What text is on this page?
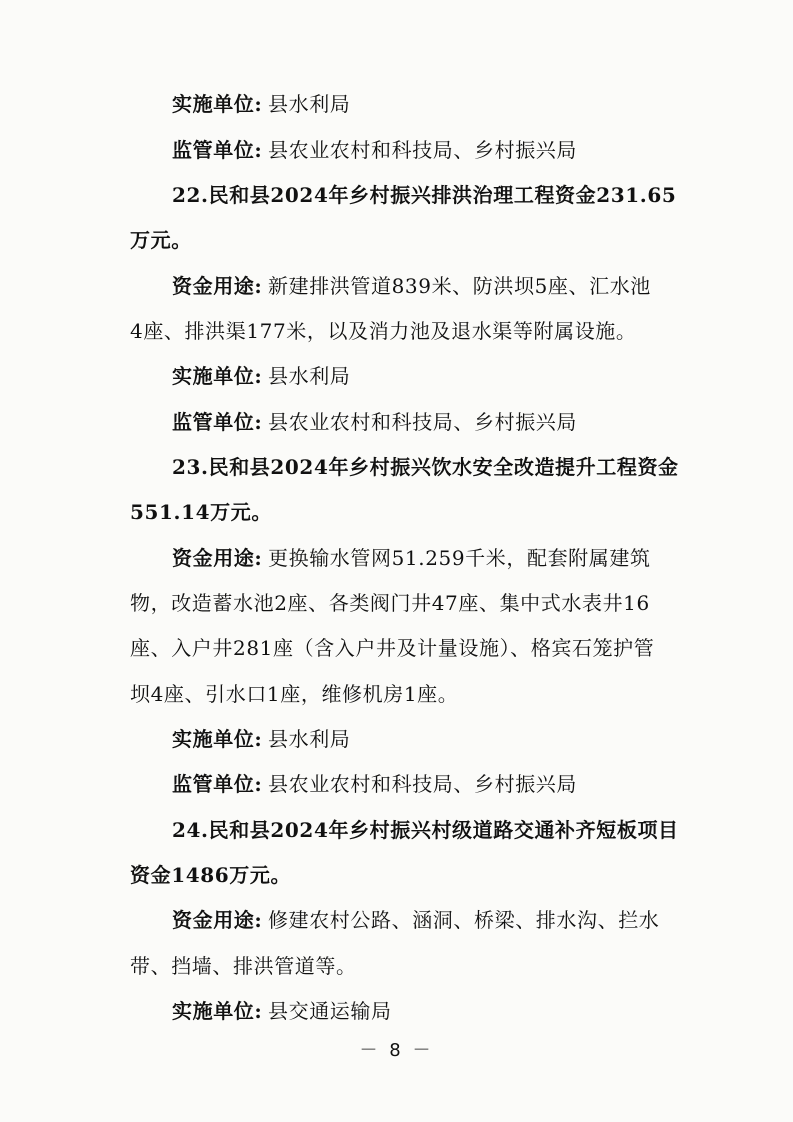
实施单位: 县水利局
监管单位: 县农业农村和科技局、乡村振兴局
22.民和县2024年乡村振兴排洪治理工程资金231.65
万元。
资金用途: 新建排洪管道839米、防洪坝5座、汇水池
4座、排洪渠177米，以及消力池及退水渠等附属设施。
实施单位: 县水利局
监管单位: 县农业农村和科技局、乡村振兴局
23.民和县2024年乡村振兴饮水安全改造提升工程资金
551.14万元。
资金用途: 更换输水管网51.259千米，配套附属建筑
物，改造蓄水池2座、各类阀门井47座、集中式水表井16
座、入户井281座（含入户井及计量设施）、格宾石笼护管
坝4座、引水口1座，维修机房1座。
实施单位: 县水利局
监管单位: 县农业农村和科技局、乡村振兴局
24.民和县2024年乡村振兴村级道路交通补齐短板项目
资金1486万元。
资金用途: 修建农村公路、涵洞、桥梁、排水沟、拦水
带、挡墙、排洪管道等。
实施单位: 县交通运输局
－ 8 －
